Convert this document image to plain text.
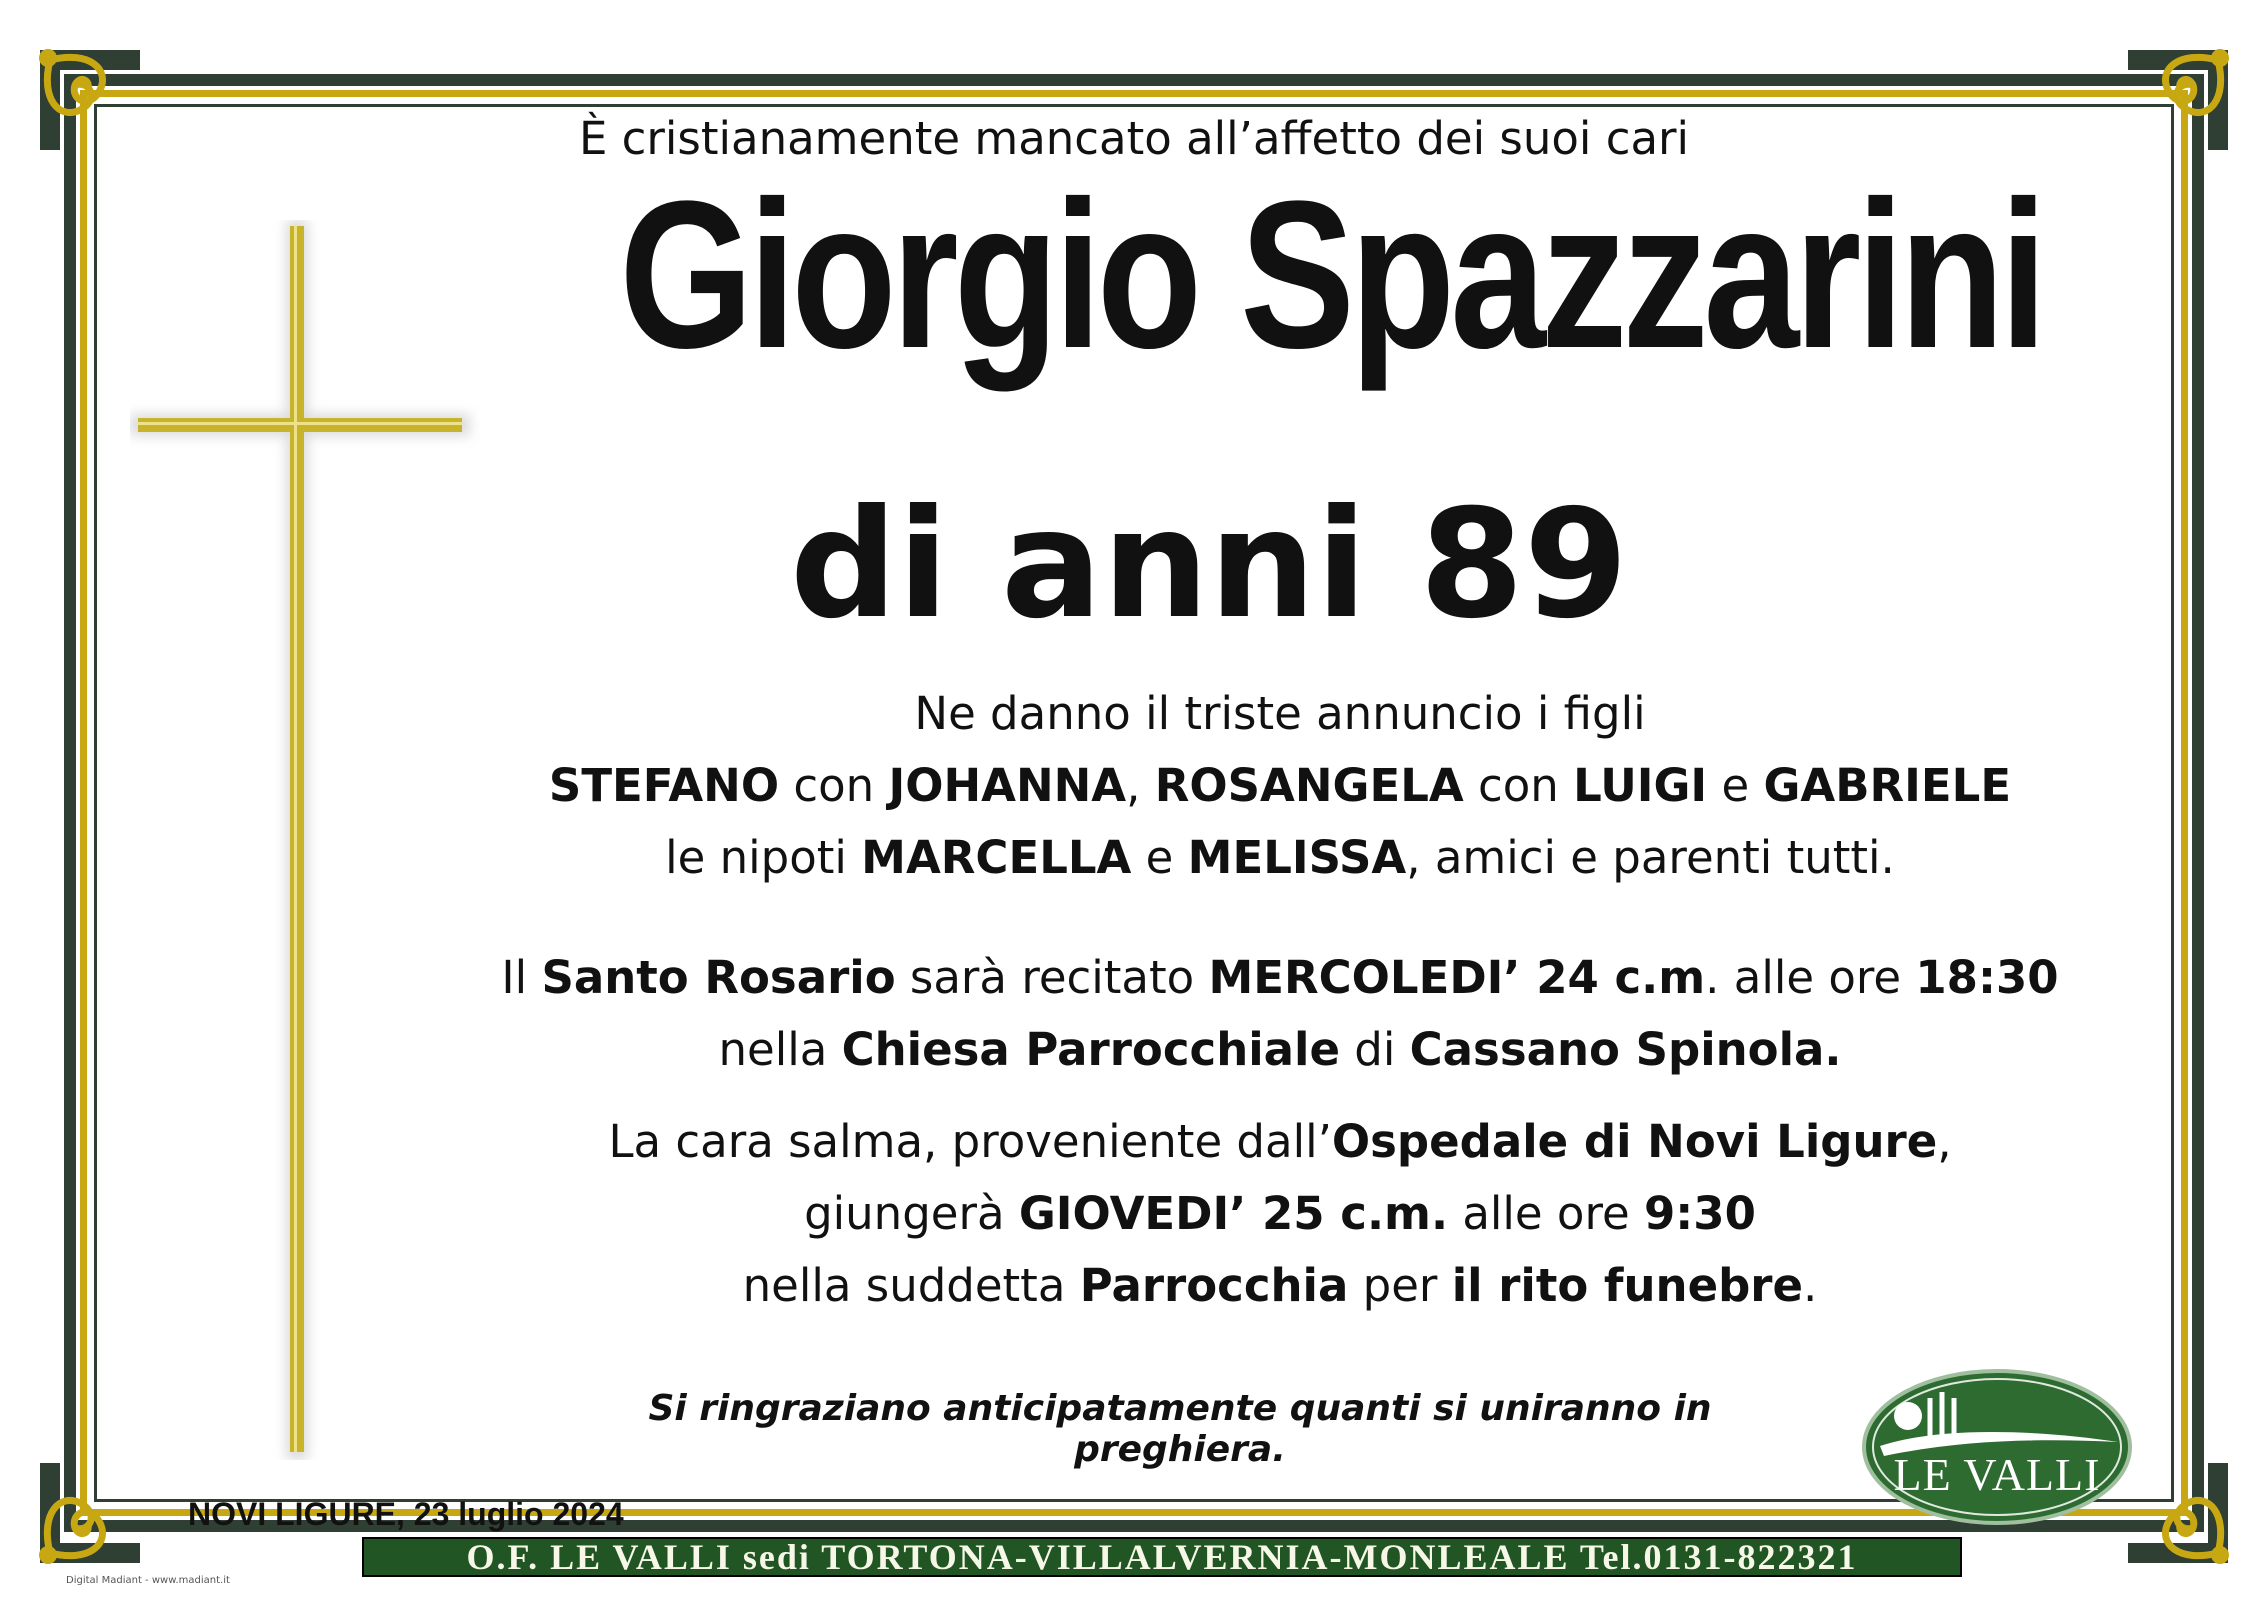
È cristianamente mancato all’affetto dei suoi cari
Giorgio Spazzarini
di anni 89
Ne danno il triste annuncio i figli
STEFANO con JOHANNA, ROSANGELA con LUIGI e GABRIELE
le nipoti MARCELLA e MELISSA, amici e parenti tutti.
Il Santo Rosario sarà recitato MERCOLEDI’ 24 c.m. alle ore 18:30
nella Chiesa Parrocchiale di Cassano Spinola.
La cara salma, proveniente dall’Ospedale di Novi Ligure,
giungerà GIOVEDI’ 25 c.m. alle ore 9:30
nella suddetta Parrocchia per il rito funebre.
Si ringraziano anticipatamente quanti si uniranno in preghiera.	LE VALLI
NOVI LIGURE, 23 luglio 2024
O.F. LE VALLI sedi TORTONA-VILLALVERNIA-MONLEALE Tel.0131-822321
Digital Madiant - www.madiant.it
